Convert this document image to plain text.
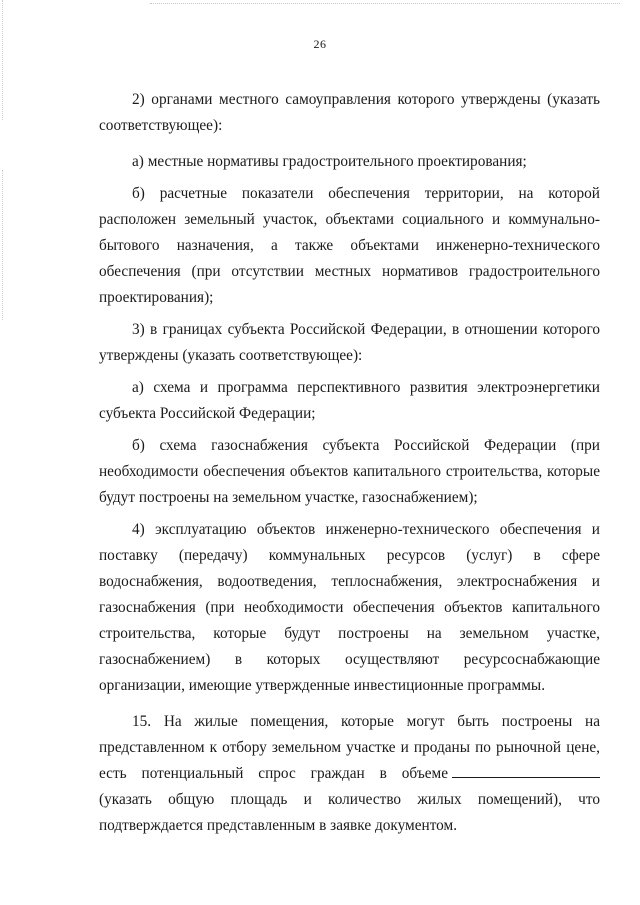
26

2) органами местного самоуправления которого утверждены (указать соответствующее):

а) местные нормативы градостроительного проектирования;

б) расчетные показатели обеспечения территории, на которой расположен земельный участок, объектами социального и коммунально-бытового назначения, а также объектами инженерно-технического обеспечения (при отсутствии местных нормативов градостроительного проектирования);

3) в границах субъекта Российской Федерации, в отношении которого утверждены (указать соответствующее):

а) схема и программа перспективного развития электроэнергетики субъекта Российской Федерации;

б) схема газоснабжения субъекта Российской Федерации (при необходимости обеспечения объектов капитального строительства, которые будут построены на земельном участке, газоснабжением);

4) эксплуатацию объектов инженерно-технического обеспечения и поставку (передачу) коммунальных ресурсов (услуг) в сфере водоснабжения, водоотведения, теплоснабжения, электроснабжения и газоснабжения (при необходимости обеспечения объектов капитального строительства, которые будут построены на земельном участке, газоснабжением) в которых осуществляют ресурсоснабжающие организации, имеющие утвержденные инвестиционные программы.

15. На жилые помещения, которые могут быть построены на представленном к отбору земельном участке и проданы по рыночной цене, есть потенциальный спрос граждан в объеме (указать общую площадь и количество жилых помещений), что подтверждается представленным в заявке документом.
